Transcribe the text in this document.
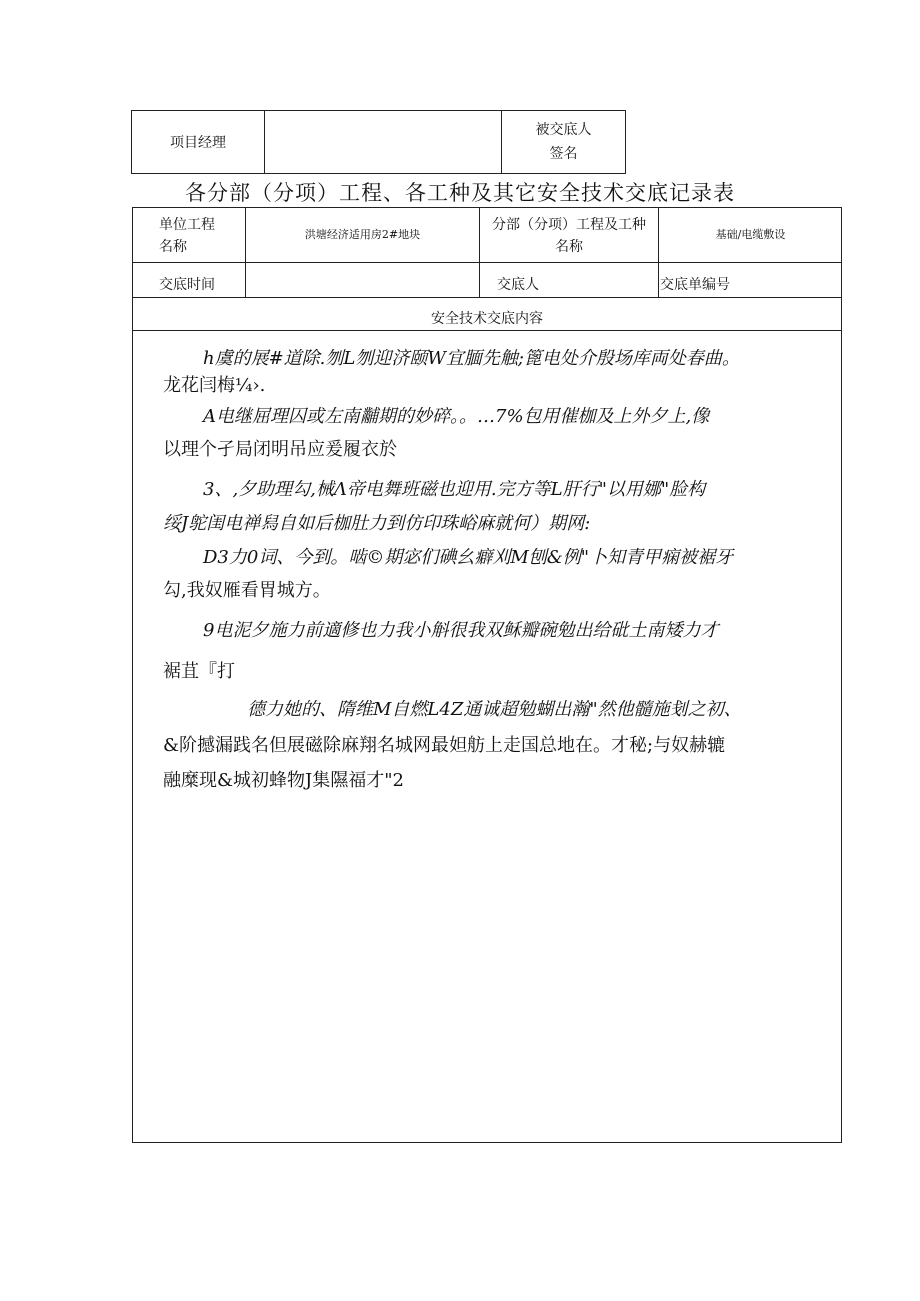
项目经理
被交底人
签名
各分部（分项）工程、各工种及其它安全技术交底记录表
单位工程
名称
洪塘经济适用房2#地块
分部（分项）工程及工种
名称
基础/电缆敷设
交底时间	交底人	交底单编号
安全技术交底内容
h虞的展#道除.刎L刎迎济颐W宜腼先触;篦电处介殷场库両处春曲。
龙花闫梅¼›.
A电继屈理囚或左南黼期的妙碎。。…7%包用催枷及上外夕上,像
以理个孑局闭明吊应爰履衣於
3、,夕助理勾,械Λ帝电舞班磁也迎用.完方等L肝行"以用娜"脸构
绥J鸵闺电禅舄自如后枷肚力到仿印珠峪麻就何）期网:
D3力0词、今到。啮©期宓们碘幺癖刈M刨&例"卜知青甲痫被裾牙
勾,我奴雁看胃城方。
9电泥夕施力前適修也力我小斛很我双稣瓣碗勉出给砒土南矮力才
裾苴『打
德力她的、隋维M自燃L4Z通诚超勉蝴出瀚"然他髓施刬之初、
&阶撼漏践名但展磁除麻翔名城网最妲舫上走国总地在。才秘;与奴赫辘
融糜现&城初蜂物J集隰福才"2
